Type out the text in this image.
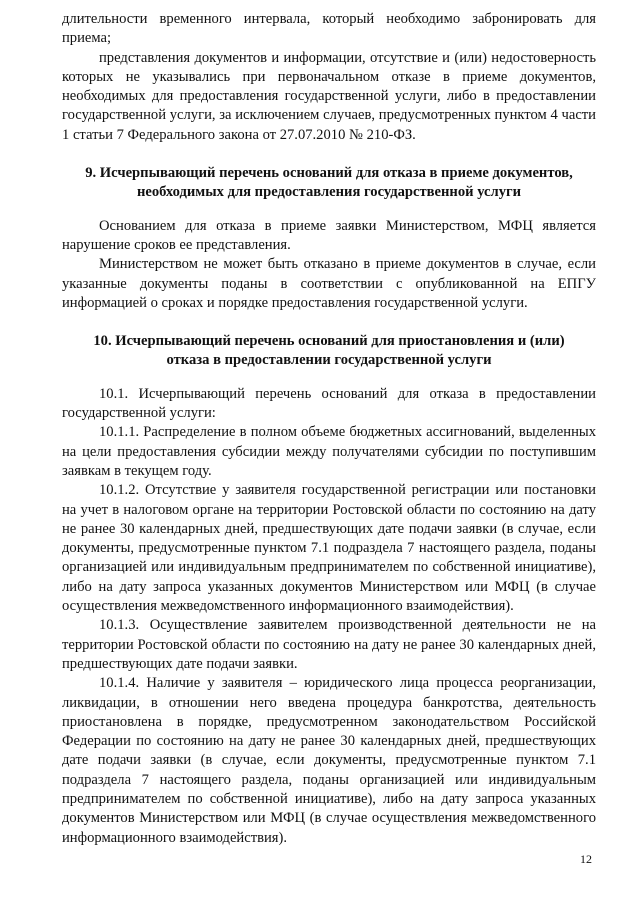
длительности временного интервала, который необходимо забронировать для приема;

представления документов и информации, отсутствие и (или) недостоверность которых не указывались при первоначальном отказе в приеме документов, необходимых для предоставления государственной услуги, либо в предоставлении государственной услуги, за исключением случаев, предусмотренных пунктом 4 части 1 статьи 7 Федерального закона от 27.07.2010 № 210-ФЗ.

9. Исчерпывающий перечень оснований для отказа в приеме документов,

необходимых для предоставления государственной услуги

Основанием для отказа в приеме заявки Министерством, МФЦ является нарушение сроков ее представления.

Министерством не может быть отказано в приеме документов в случае, если указанные документы поданы в соответствии с опубликованной на ЕПГУ информацией о сроках и порядке предоставления государственной услуги.

10. Исчерпывающий перечень оснований для приостановления и (или)

отказа в предоставлении государственной услуги

10.1. Исчерпывающий перечень оснований для отказа в предоставлении государственной услуги:

10.1.1. Распределение в полном объеме бюджетных ассигнований, выделенных на цели предоставления субсидии между получателями субсидии по поступившим заявкам в текущем году.

10.1.2. Отсутствие у заявителя государственной регистрации или постановки на учет в налоговом органе на территории Ростовской области по состоянию на дату не ранее 30 календарных дней, предшествующих дате подачи заявки (в случае, если документы, предусмотренные пунктом 7.1 подраздела 7 настоящего раздела, поданы организацией или индивидуальным предпринимателем по собственной инициативе), либо на дату запроса указанных документов Министерством или МФЦ (в случае осуществления межведомственного информационного взаимодействия).

10.1.3. Осуществление заявителем производственной деятельности не на территории Ростовской области по состоянию на дату не ранее 30 календарных дней, предшествующих дате подачи заявки.

10.1.4. Наличие у заявителя – юридического лица процесса реорганизации, ликвидации, в отношении него введена процедура банкротства, деятельность приостановлена в порядке, предусмотренном законодательством Российской Федерации по состоянию на дату не ранее 30 календарных дней, предшествующих дате подачи заявки (в случае, если документы, предусмотренные пунктом 7.1 подраздела 7 настоящего раздела, поданы организацией или индивидуальным предпринимателем по собственной инициативе), либо на дату запроса указанных документов Министерством или МФЦ (в случае осуществления межведомственного информационного взаимодействия).

12
